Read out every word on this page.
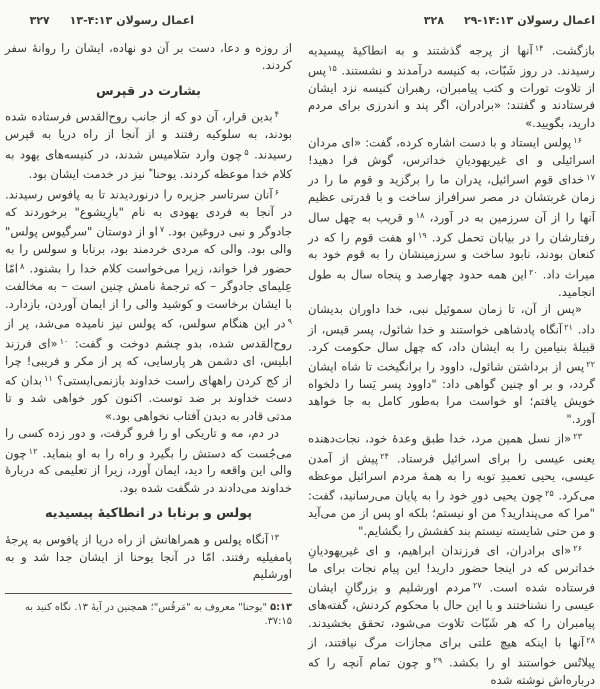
اعمال رسولان
۱۳-۴:۱۳
۳۲۷

از روزه و دعا، دست بر آن دو نهاده، ایشان را روانهٔ سفر کردند.

بشارت در قپرس

$^۴$بدین قرار، آن دو که از جانب روح‌القدس فرستاده شده بودند، به سلوکیه رفتند و از آنجا از راه دریا به قپرس رسیدند. $^۵$چون وارد سَلامیس شدند، در کنیسه‌های یهود به کلام خدا موعظه کردند. یوحنا* نیز در خدمت ایشان بود.

$^۶$آنان سرتاسر جزیره را درنوردیدند تا به پافوس رسیدند. در آنجا به فردی یهودی به نام "بارِیشوع" برخوردند که جادوگر و نبی دروغین بود. $^۷$او از دوستان "سرگیوس پولس" والی بود. والی که مردی خردمند بود، برنابا و سولس را به حضور فرا خواند، زیرا می‌خواست کلام خدا را بشنود. $^۸$امّا عِلیمای جادوگر – که ترجمهٔ نامش چنین است – به مخالفت با ایشان برخاست و کوشید والی را از ایمان آوردن، بازدارد. $^۹$در این هنگام سولس، که پولس نیز نامیده می‌شد، پر از روح‌القدس شده، بدو چشم دوخت و گفت: $^{۱۰}$«ای فرزند ابلیس، ای دشمن هر پارسایی، که پر از مکر و فریبی! چرا از کج کردن راههای راست خداوند بازنمی‌ایستی؟ $^{۱۱}$بدان که دست خداوند بر ضد توست. اکنون کور خواهی شد و تا مدتی قادر به دیدن آفتاب نخواهی بود.»

در دم، مه و تاریکی او را فرو گرفت، و دور زده کسی را می‌جُست که دستش را بگیرد و راه را به او بنماید. $^{۱۲}$چون والی این واقعه را دید، ایمان آورد، زیرا از تعلیمی که دربارهٔ خداوند می‌دادند در شگفت شده بود.

پولس و برنابا در انطاکیهٔ پیسیدیه

$^{۱۳}$آنگاه پولس و همراهانش از راه دریا از پافوس به پرجهٔ پامفیلیه رفتند. امّا در آنجا یوحنا از ایشان جدا شد و به اورشلیم

۵:۱۳ "یوحنا" معروف به "مَرقُس"؛ همچنین در آیهٔ ۱۳. نگاه کنید به ۳۷:۱۵.

اعمال رسولان
۲۹-۱۴:۱۳
۳۲۸

بازگشت. $^{۱۴}$آنها از پرجه گذشتند و به انطاکیهٔ پیسیدیه رسیدند. در روز شَبّات، به کنیسه درآمدند و نشستند. $^{۱۵}$پس از تلاوت تورات و کتب پیامبران، رهبران کنیسه نزد ایشان فرستادند و گفتند: «برادران، اگر پند و اندرزی برای مردم دارید، بگویید.»

$^{۱۶}$پولس ایستاد و با دست اشاره کرده، گفت: «ای مردان اسرائیلی و ای غیریهودیانِ خداترس، گوش فرا دهید! $^{۱۷}$خدای قوم اسرائیل، پدران ما را برگزید و قوم ما را در زمان غربتشان در مصر سرافراز ساخت و با قدرتی عظیم آنها را از آن سرزمین به در آورد، $^{۱۸}$و قریب به چهل سال رفتارشان را در بیابان تحمل کرد. $^{۱۹}$او هفت قوم را که در کنعان بودند، نابود ساخت و سرزمینشان را به قوم خود به میراث داد. $^{۲۰}$این همه حدود چهارصد و پنجاه سال به طول انجامید.

«پس از آن، تا زمان سموئیل نبی، خدا داوران بدیشان داد. $^{۲۱}$آنگاه پادشاهی خواستند و خدا شائول، پسر قیس، از قبیلهٔ بنیامین را به ایشان داد، که چهل سال حکومت کرد. $^{۲۲}$پس از برداشتن شائول، داوود را برانگیخت تا شاه ایشان گردد، و بر او چنین گواهی داد: "داوود پسر یَسا را دلخواه خویش یافتم؛ او خواست مرا به‌طور کامل به جا خواهد آورد."

$^{۲۳}$«از نسل همین مرد، خدا طبق وعدهٔ خود، نجات‌دهنده یعنی عیسی را برای اسرائیل فرستاد. $^{۲۴}$پیش از آمدن عیسی، یحیی تعمیدِ توبه را به همهٔ مردم اسرائیل موعظه می‌کرد. $^{۲۵}$چون یحیی دورِ خود را به پایان می‌رسانید، گفت: "مرا که می‌پندارید؟ من او نیستم؛ بلکه او پس از من می‌آید و من حتی شایسته نیستم بند کفشش را بگشایم."

$^{۲۶}$«ای برادران، ای فرزندان ابراهیم، و ای غیریهودیانِ خداترس که در اینجا حضور دارید! این پیام نجات برای ما فرستاده شده است. $^{۲۷}$مردم اورشلیم و بزرگانِ ایشان عیسی را نشناختند و با این حال با محکوم کردنش، گفته‌های پیامبران را که هر شَبّات تلاوت می‌شود، تحقق بخشیدند. $^{۲۸}$آنها با اینکه هیچ علتی برای مجازات مرگ نیافتند، از پیلاتُس خواستند او را بکشد. $^{۲۹}$و چون تمام آنچه را که درباره‌اش نوشته شده
